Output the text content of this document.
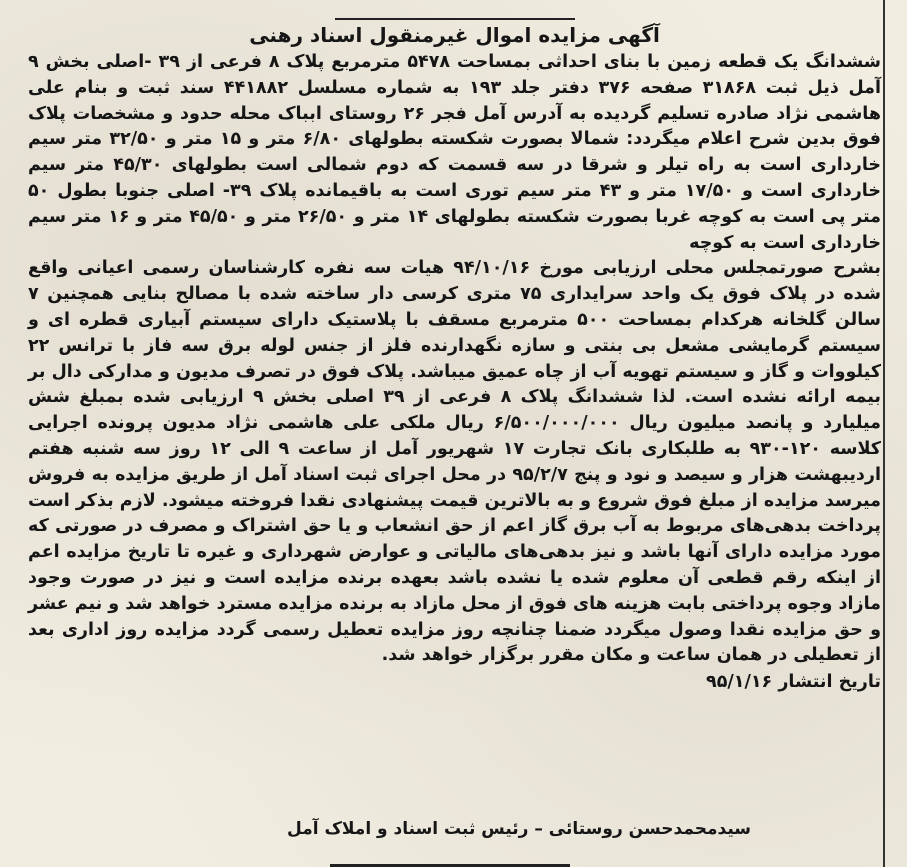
آگهی مزایده اموال غیرمنقول اسناد رهنی

ششدانگ یک قطعه زمین با بنای احداثی بمساحت ۵۴۷۸ مترمربع پلاک ۸ فرعی از ۳۹ -اصلی بخش ۹ آمل ذیل ثبت ۳۱۸۶۸ صفحه ۳۷۶ دفتر جلد ۱۹۳ به شماره مسلسل ۴۴۱۸۸۲ سند ثبت و بنام علی هاشمی نژاد صادره تسلیم گردیده به آدرس آمل فجر ۲۶ روستای ابباک محله حدود و مشخصات پلاک فوق بدین شرح اعلام میگردد: شمالا بصورت شکسته بطولهای ۶/۸۰ متر و ۱۵ متر و ۳۲/۵۰ متر سیم خارداری است به راه تیلر و شرقا در سه قسمت که دوم شمالی است بطولهای ۴۵/۳۰ متر سیم خارداری است و ۱۷/۵۰ متر و ۴۳ متر سیم توری است به باقیمانده پلاک ۳۹- اصلی جنوبا بطول ۵۰ متر پی است به کوچه غربا بصورت شکسته بطولهای ۱۴ متر و ۲۶/۵۰ متر و ۴۵/۵۰ متر و ۱۶ متر سیم خارداری است به کوچه

بشرح صورتمجلس محلی ارزیابی مورخ ۹۴/۱۰/۱۶ هیات سه نفره کارشناسان رسمی اعیانی واقع شده در پلاک فوق یک واحد سرایداری ۷۵ متری کرسی دار ساخته شده با مصالح بنایی همچنین ۷ سالن گلخانه هرکدام بمساحت ۵۰۰ مترمربع مسقف با پلاستیک دارای سیستم آبیاری قطره ای و سیستم گرمایشی مشعل بی بنتی و سازه نگهدارنده فلز از جنس لوله برق سه فاز با ترانس ۲۲ کیلووات و گاز و سیستم تهویه آب از چاه عمیق میباشد. پلاک فوق در تصرف مدیون و مدارکی دال بر بیمه ارائه نشده است. لذا ششدانگ پلاک ۸ فرعی از ۳۹ اصلی بخش ۹ ارزیابی شده بمبلغ شش میلیارد و پانصد میلیون ریال ۶/۵۰۰/۰۰۰/۰۰۰ ریال ملکی علی هاشمی نژاد مدیون پرونده اجرایی کلاسه ۱۲۰-۹۳۰ به طلبکاری بانک تجارت ۱۷ شهریور آمل از ساعت ۹ الی ۱۲ روز سه شنبه هفتم اردیبهشت هزار و سیصد و نود و پنج ۹۵/۲/۷ در محل اجرای ثبت اسناد آمل از طریق مزایده به فروش میرسد مزایده از مبلغ فوق شروع و به بالاترین قیمت پیشنهادی نقدا فروخته میشود. لازم بذکر است پرداخت بدهی‌های مربوط به آب برق گاز اعم از حق انشعاب و یا حق اشتراک و مصرف در صورتی که مورد مزایده دارای آنها باشد و نیز بدهی‌های مالیاتی و عوارض شهرداری و غیره تا تاریخ مزایده اعم از اینکه رقم قطعی آن معلوم شده یا نشده باشد بعهده برنده مزایده است و نیز در صورت وجود مازاد وجوه پرداختی بابت هزینه های فوق از محل مازاد به برنده مزایده مسترد خواهد شد و نیم عشر و حق مزایده نقدا وصول میگردد ضمنا چنانچه روز مزایده تعطیل رسمی گردد مزایده روز اداری بعد از تعطیلی در همان ساعت و مکان مقرر برگزار خواهد شد.

تاریخ انتشار ۹۵/۱/۱۶
سیدمحمدحسن روستائی – رئیس ثبت اسناد و املاک آمل
